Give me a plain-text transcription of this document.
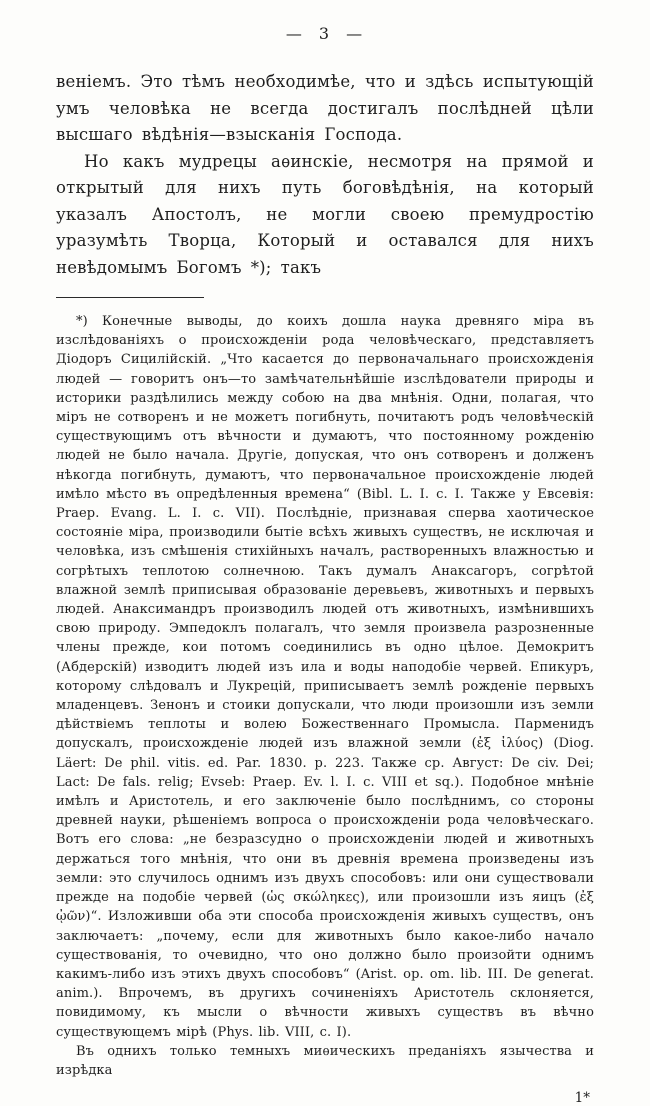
— 3 —

веніемъ. Это тѣмъ необходимѣе, что и здѣсь испытующій умъ человѣка не всегда достигалъ послѣдней цѣли высшаго вѣдѣнія—взысканія Господа.

Но какъ мудрецы аѳинскіе, несмотря на прямой и открытый для нихъ путь боговѣдѣнія, на который указалъ Апостолъ, не могли своею премудростію уразумѣть Творца, Который и оставался для нихъ невѣдомымъ Богомъ *); такъ

*) Конечные выводы, до коихъ дошла наука древняго міра въ изслѣдованіяхъ о происхожденіи рода человѣческаго, представляетъ Діодоръ Сицилійскій. „Что касается до первоначальнаго происхожденія людей — говоритъ онъ—то замѣчательнѣйшіе изслѣдователи природы и историки раздѣлились между собою на два мнѣнія. Одни, полагая, что міръ не сотворенъ и не можетъ погибнуть, почитаютъ родъ человѣческій существующимъ отъ вѣчности и думаютъ, что постоянному рожденію людей не было начала. Другіе, допуская, что онъ сотворенъ и долженъ нѣкогда погибнуть, думаютъ, что первоначальное происхожденіе людей имѣло мѣсто въ опредѣленныя времена“ (Bibl. L. I. c. I. Также у Евсевія: Praep. Evang. L. I. c. VII). Послѣдніе, признавая сперва хаотическое состояніе міра, производили бытіе всѣхъ живыхъ существъ, не исключая и человѣка, изъ смѣшенія стихійныхъ началъ, растворенныхъ влажностью и согрѣтыхъ теплотою солнечною. Такъ думалъ Анаксагоръ, согрѣтой влажной землѣ приписывая образованіе деревьевъ, животныхъ и первыхъ людей. Анаксимандръ производилъ людей отъ животныхъ, измѣнившихъ свою природу. Эмпедоклъ полагалъ, что земля произвела разрозненные члены прежде, кои потомъ соединились въ одно цѣлое. Демокритъ (Абдерскій) изводитъ людей изъ ила и воды наподобіе червей. Епикуръ, которому слѣдовалъ и Лукрецій, приписываетъ землѣ рожденіе первыхъ младенцевъ. Зенонъ и стоики допускали, что люди произошли изъ земли дѣйствіемъ теплоты и волею Божественнаго Промысла. Парменидъ допускалъ, происхожденіе людей изъ влажной земли (ἐξ ἰλύος) (Diog. Läert: De phil. vitis. ed. Par. 1830. p. 223. Также ср. Август: De civ. Dei; Lact: De fals. relig; Evseb: Praep. Ev. l. I. c. VIII et sq.). Подобное мнѣніе имѣлъ и Аристотель, и его заключеніе было послѣднимъ, со стороны древней науки, рѣшеніемъ вопроса о происхожденіи рода человѣческаго. Вотъ его слова: „не безразсудно о происхожденіи людей и животныхъ держаться того мнѣнія, что они въ древнія времена произведены изъ земли: это случилось однимъ изъ двухъ способовъ: или они существовали прежде на подобіе червей (ὡς σκώληκες), или произошли изъ яицъ (ἐξ ᾠῶν)“. Изложивши оба эти способа происхожденія живыхъ существъ, онъ заключаетъ: „почему, если для животныхъ было какое-либо начало существованія, то очевидно, что оно должно было произойти однимъ какимъ-либо изъ этихъ двухъ способовъ“ (Arist. op. om. lib. III. De generat. anim.). Впрочемъ, въ другихъ сочиненіяхъ Аристотель склоняется, повидимому, къ мысли о вѣчности живыхъ существъ въ вѣчно существующемъ мірѣ (Phys. lib. VIII, c. I).

Въ однихъ только темныхъ миѳическихъ преданіяхъ язычества и изрѣдка

1*
